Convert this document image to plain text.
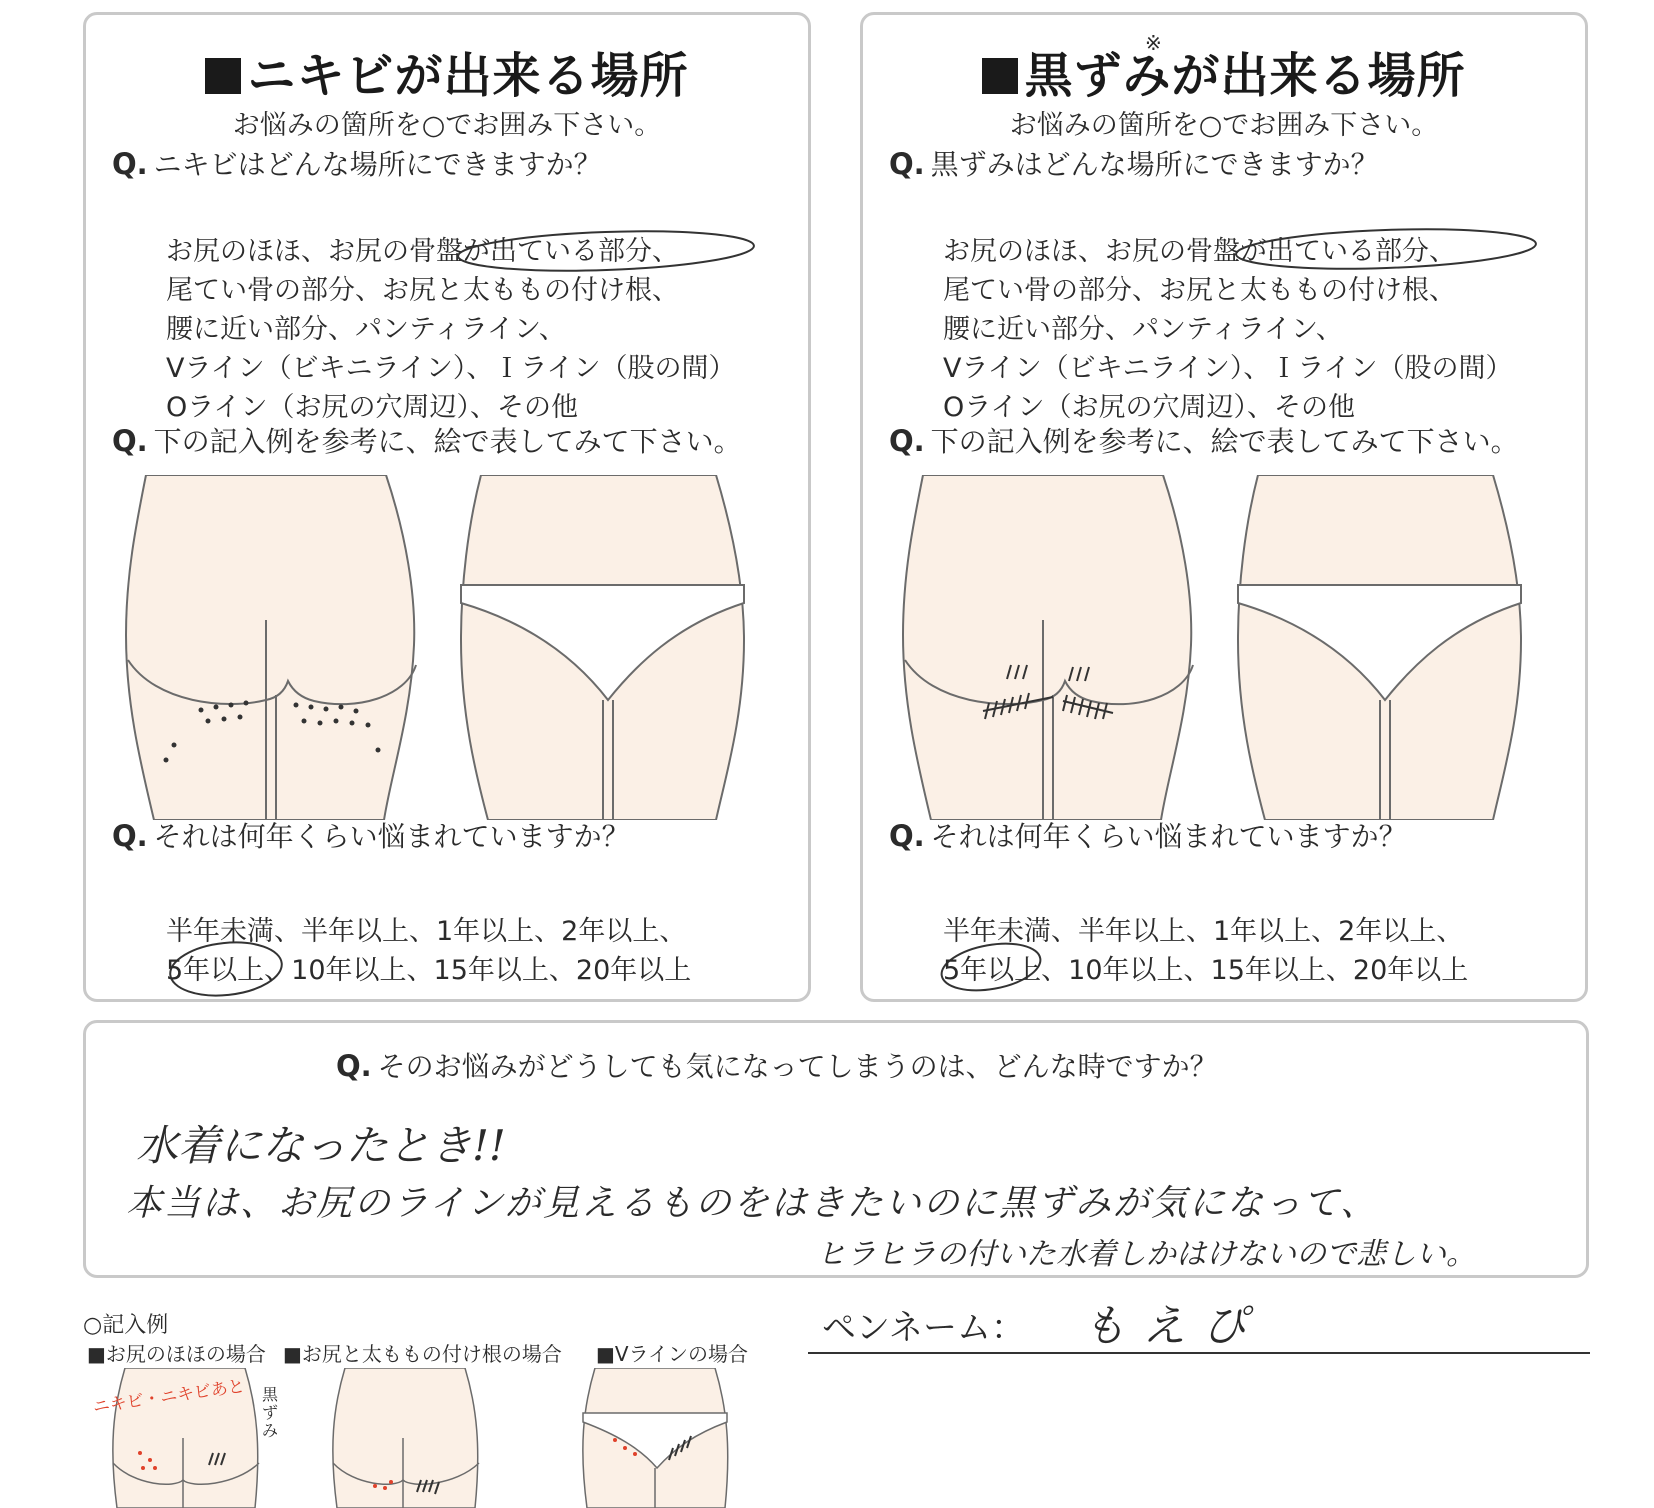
ニキビが出来る場所
お悩みの箇所を○でお囲み下さい。
Q. ニキビはどんな場所にできますか？

お尻のほほ、お尻の骨盤が出ている部分、
尾てい骨の部分、お尻と太ももの付け根、
腰に近い部分、パンティライン、
Vライン（ビキニライン）、Ｉライン（股の間）
Oライン（お尻の穴周辺）、その他
Q. 下の記入例を参考に、絵で表してみて下さい。
Q. それは何年くらい悩まれていますか？

半年未満、半年以上、1年以上、2年以上、
5年以上、10年以上、15年以上、20年以上
黒ずみが出来る場所
※
お悩みの箇所を○でお囲み下さい。
Q. 黒ずみはどんな場所にできますか？

お尻のほほ、お尻の骨盤が出ている部分、
尾てい骨の部分、お尻と太ももの付け根、
腰に近い部分、パンティライン、
Vライン（ビキニライン）、Ｉライン（股の間）
Oライン（お尻の穴周辺）、その他
Q. 下の記入例を参考に、絵で表してみて下さい。
Q. それは何年くらい悩まれていますか？

半年未満、半年以上、1年以上、2年以上、
5年以上、10年以上、15年以上、20年以上
Q. そのお悩みがどうしても気になってしまうのは、どんな時ですか？
水着になったとき!!
本当は、お尻のラインが見えるものをはきたいのに黒ずみが気になって、
ヒラヒラの付いた水着しかはけないので悲しい。
○記入例
■お尻のほほの場合 ■お尻と太ももの付け根の場合 ■Vラインの場合
ニキビ・ニキビあと 黒ずみ
ペンネーム： もえぴ
